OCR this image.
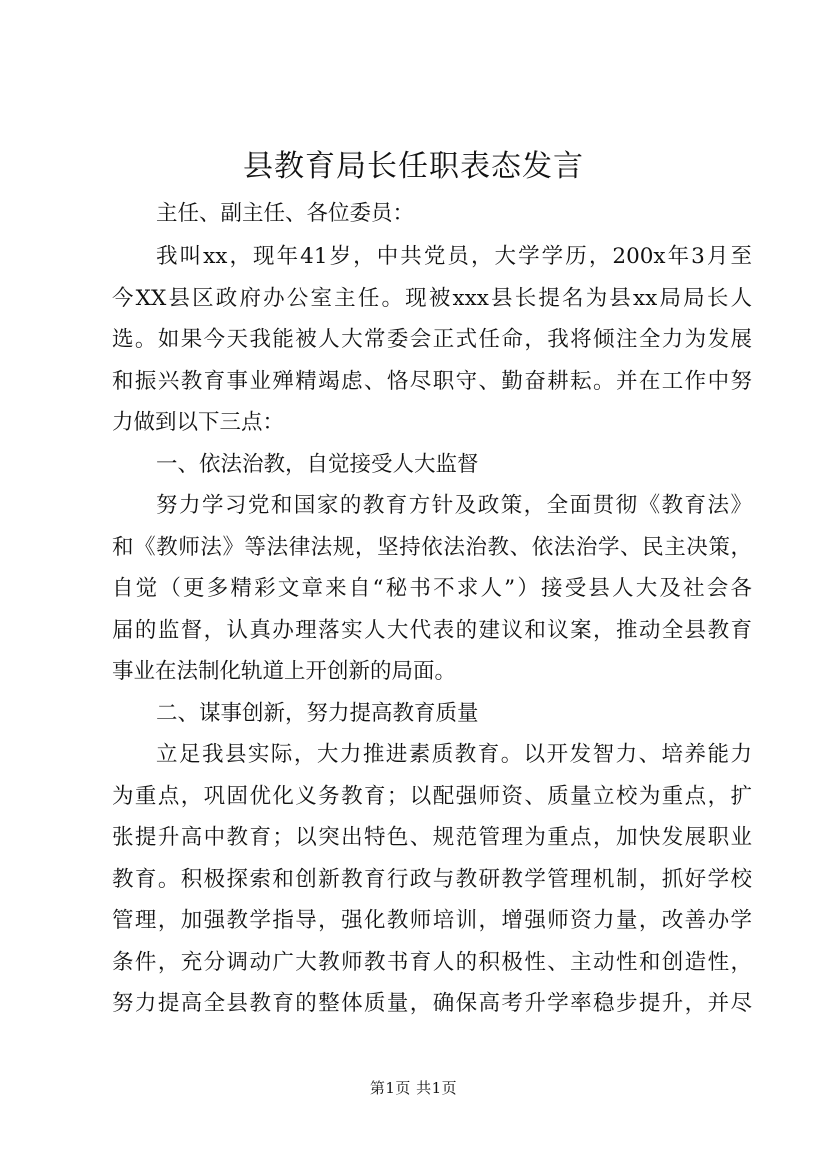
县教育局长任职表态发言

主任、副主任、各位委员：

我叫xx，现年41岁，中共党员，大学学历，200x年3月至

今XX县区政府办公室主任。现被xxx县长提名为县xx局局长人

选。如果今天我能被人大常委会正式任命，我将倾注全力为发展

和振兴教育事业殚精竭虑、恪尽职守、勤奋耕耘。并在工作中努

力做到以下三点：

一、依法治教，自觉接受人大监督

努力学习党和国家的教育方针及政策，全面贯彻《教育法》

和《教师法》等法律法规，坚持依法治教、依法治学、民主决策，

自觉（更多精彩文章来自“秘书不求人”）接受县人大及社会各

届的监督，认真办理落实人大代表的建议和议案，推动全县教育

事业在法制化轨道上开创新的局面。

二、谋事创新，努力提高教育质量

立足我县实际，大力推进素质教育。以开发智力、培养能力

为重点，巩固优化义务教育；以配强师资、质量立校为重点，扩

张提升高中教育；以突出特色、规范管理为重点，加快发展职业

教育。积极探索和创新教育行政与教研教学管理机制，抓好学校

管理，加强教学指导，强化教师培训，增强师资力量，改善办学

条件，充分调动广大教师教书育人的积极性、主动性和创造性，

努力提高全县教育的整体质量，确保高考升学率稳步提升，并尽

第1页 共1页
